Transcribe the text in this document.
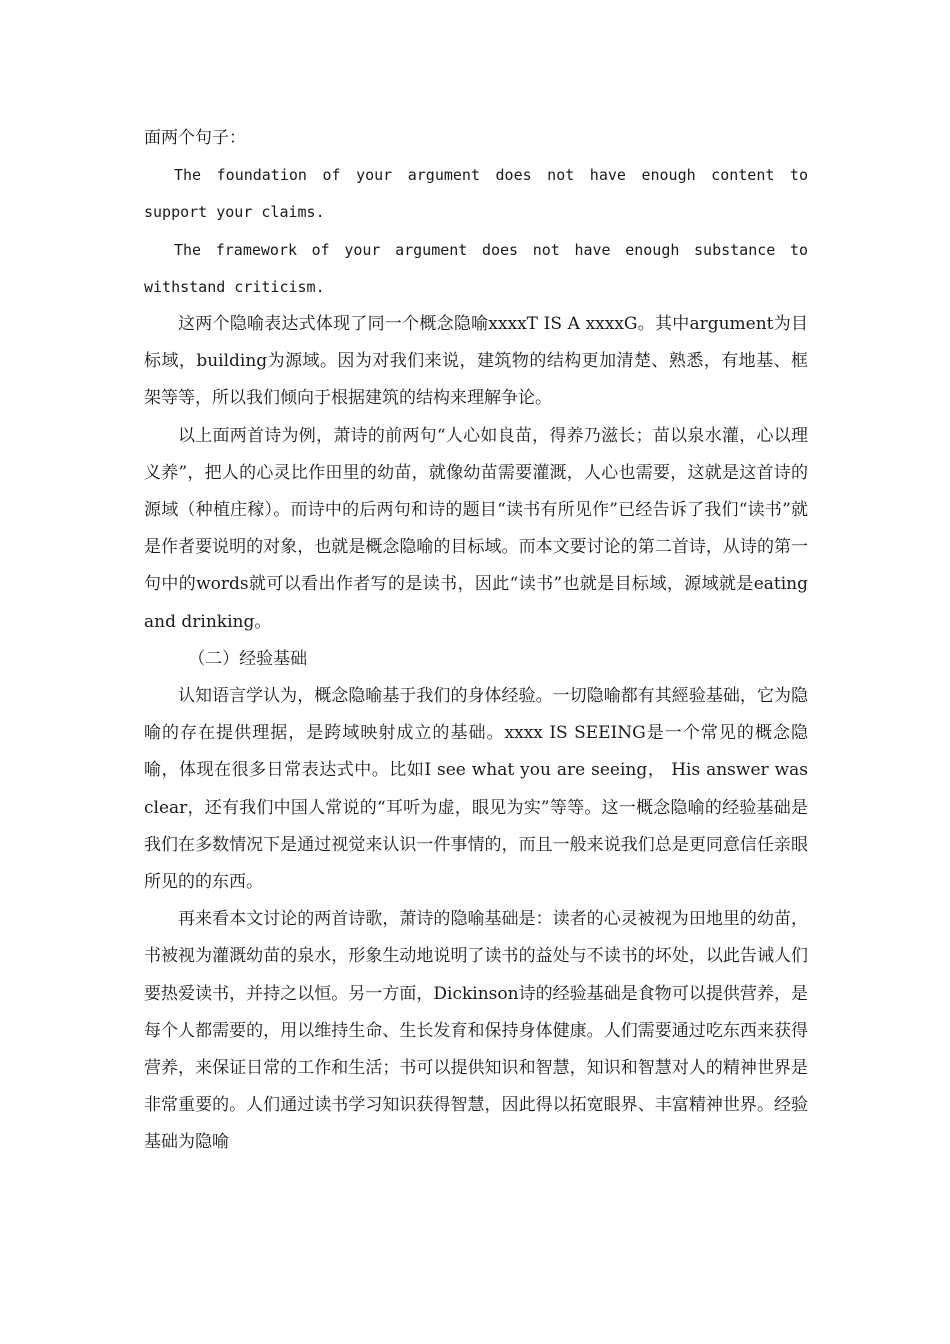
面两个句子：

The foundation of your argument does not have enough content to support your claims.

The framework of your argument does not have enough substance to withstand criticism.

这两个隐喻表达式体现了同一个概念隐喻xxxxT IS A xxxxG。其中argument为目标域，building为源域。因为对我们来说，建筑物的结构更加清楚、熟悉，有地基、框架等等，所以我们倾向于根据建筑的结构来理解争论。

以上面两首诗为例，萧诗的前两句“人心如良苗，得养乃滋长；苗以泉水灌，心以理义养”，把人的心灵比作田里的幼苗，就像幼苗需要灌溉，人心也需要，这就是这首诗的源域（种植庄稼）。而诗中的后两句和诗的题目“读书有所见作”已经告诉了我们“读书”就是作者要说明的对象，也就是概念隐喻的目标域。而本文要讨论的第二首诗，从诗的第一句中的words就可以看出作者写的是读书，因此“读书”也就是目标域，源域就是eating and drinking。

（二）经验基础

认知语言学认为，概念隐喻基于我们的身体经验。一切隐喻都有其經验基础，它为隐喻的存在提供理据，是跨域映射成立的基础。xxxx IS SEEING是一个常见的概念隐喻，体现在很多日常表达式中。比如I see what you are seeing， His answer was clear，还有我们中国人常说的“耳听为虚，眼见为实”等等。这一概念隐喻的经验基础是我们在多数情况下是通过视觉来认识一件事情的，而且一般来说我们总是更同意信任亲眼所见的的东西。

再来看本文讨论的两首诗歌，萧诗的隐喻基础是：读者的心灵被视为田地里的幼苗，书被视为灌溉幼苗的泉水，形象生动地说明了读书的益处与不读书的坏处，以此告诫人们要热爱读书，并持之以恒。另一方面，Dickinson诗的经验基础是食物可以提供营养，是每个人都需要的，用以维持生命、生长发育和保持身体健康。人们需要通过吃东西来获得营养，来保证日常的工作和生活；书可以提供知识和智慧，知识和智慧对人的精神世界是非常重要的。人们通过读书学习知识获得智慧，因此得以拓宽眼界、丰富精神世界。经验基础为隐喻
